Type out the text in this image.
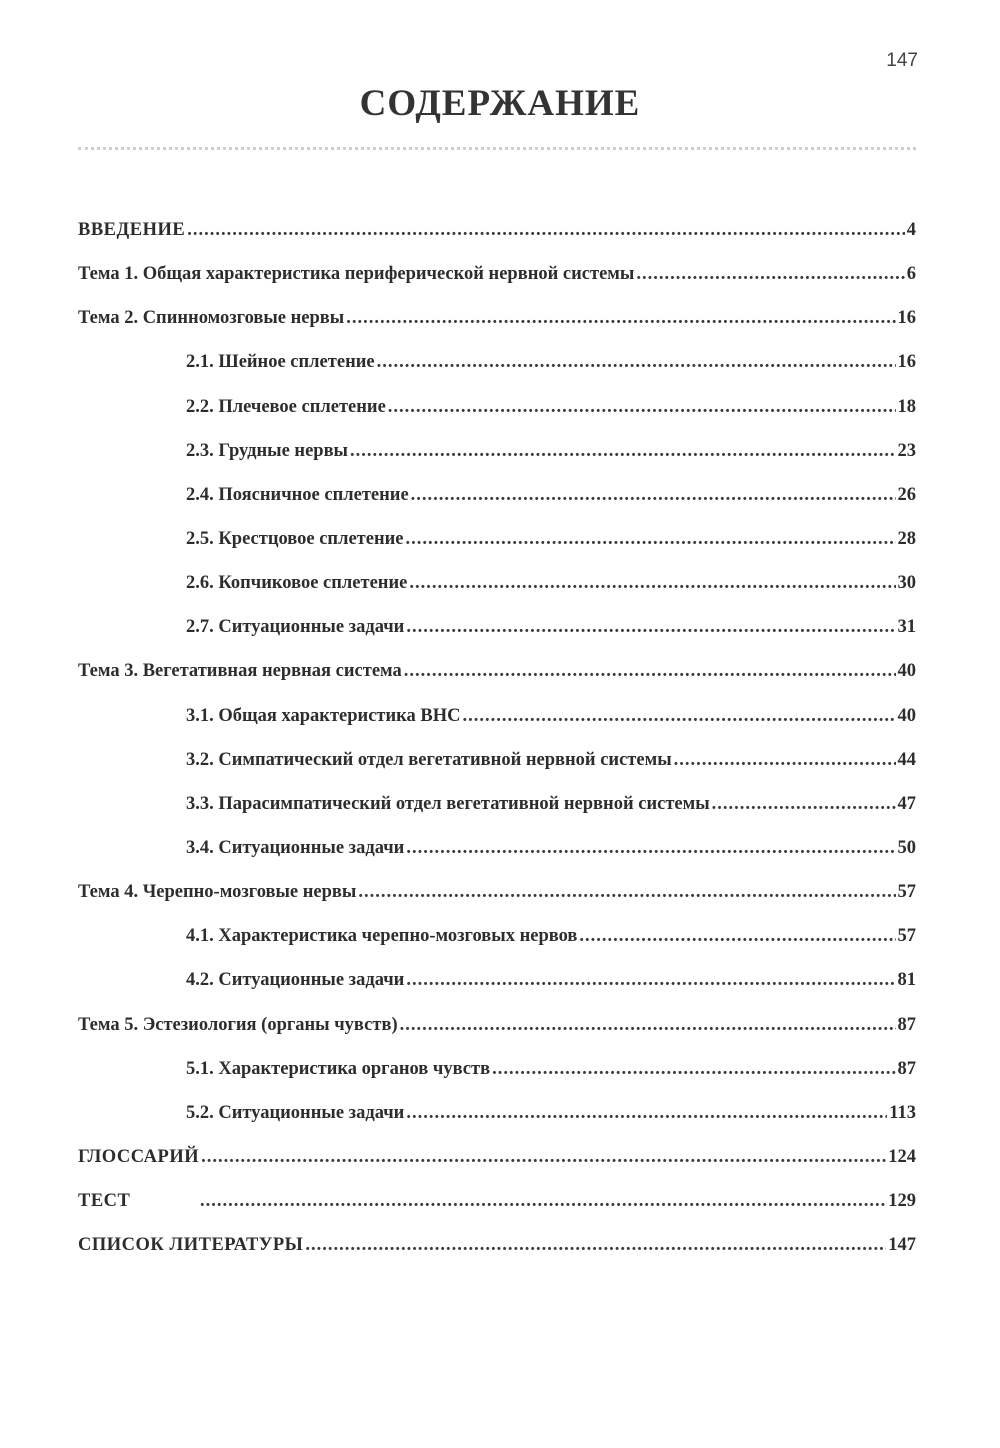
147
СОДЕРЖАНИЕ
ВВЕДЕНИЕ .....	4
Тема 1. Общая характеристика периферической нервной системы .....	6
Тема 2. Спинномозговые нервы .....	16
2.1. Шейное сплетение .....	16
2.2. Плечевое сплетение .....	18
2.3. Грудные нервы .....	23
2.4. Поясничное сплетение .....	26
2.5. Крестцовое сплетение .....	28
2.6. Копчиковое сплетение .....	30
2.7. Ситуационные задачи .....	31
Тема 3. Вегетативная нервная система .....	40
3.1. Общая характеристика ВНС .....	40
3.2. Симпатический отдел вегетативной нервной системы .....	44
3.3. Парасимпатический отдел вегетативной нервной системы .....	47
3.4. Ситуационные задачи .....	50
Тема 4. Черепно-мозговые нервы .....	57
4.1. Характеристика черепно-мозговых нервов .....	57
4.2. Ситуационные задачи .....	81
Тема 5. Эстезиология (органы чувств) .....	87
5.1. Характеристика органов чувств .....	87
5.2. Ситуационные задачи .....	113
ГЛОССАРИЙ .....	124
ТЕСТ .....	129
СПИСОК ЛИТЕРАТУРЫ .....	147
